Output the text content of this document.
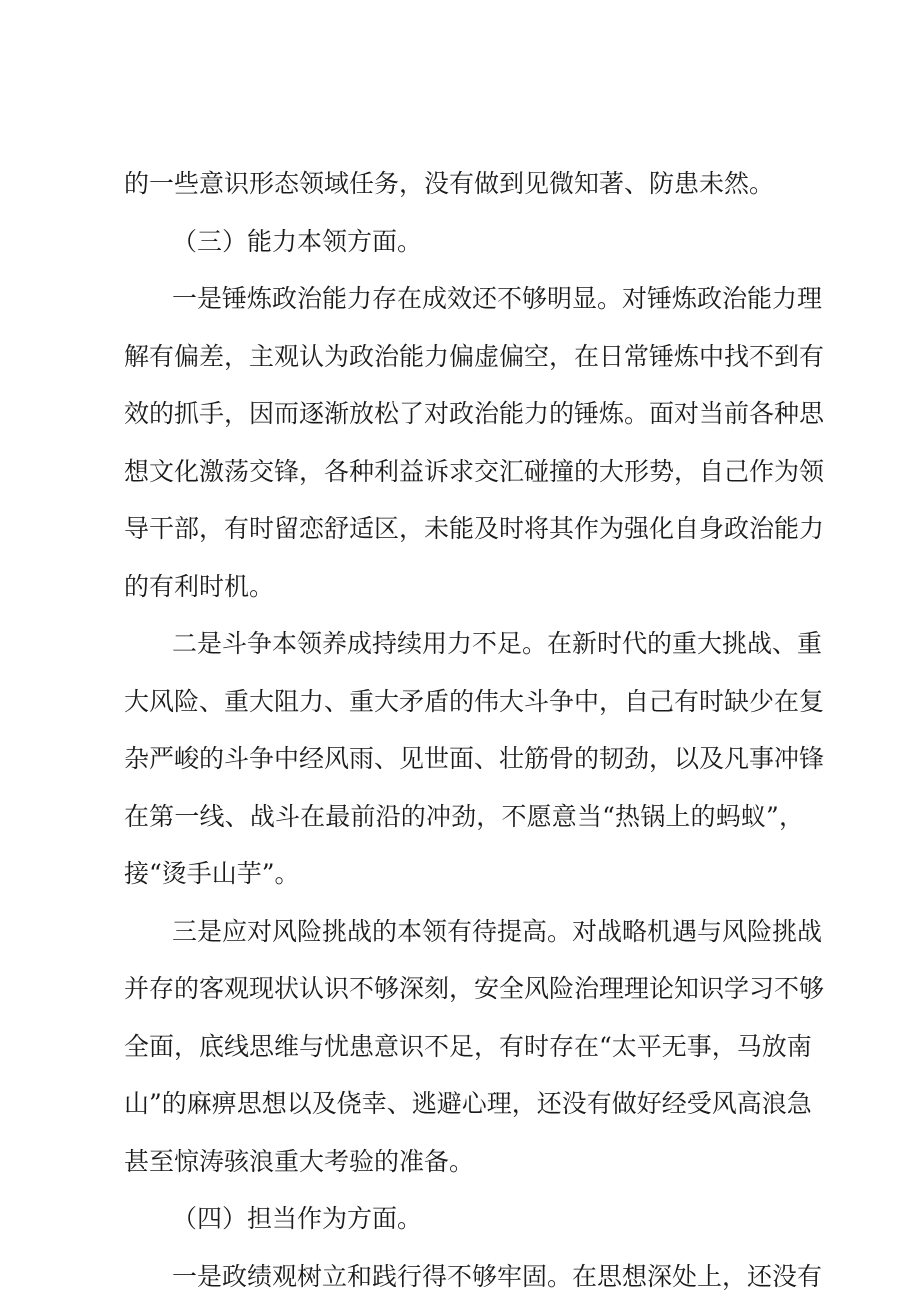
的一些意识形态领域任务，没有做到见微知著、防患未然。
（三）能力本领方面。
一是锤炼政治能力存在成效还不够明显。对锤炼政治能力理
解有偏差，主观认为政治能力偏虚偏空，在日常锤炼中找不到有
效的抓手，因而逐渐放松了对政治能力的锤炼。面对当前各种思
想文化激荡交锋，各种利益诉求交汇碰撞的大形势，自己作为领
导干部，有时留恋舒适区，未能及时将其作为强化自身政治能力
的有利时机。
二是斗争本领养成持续用力不足。在新时代的重大挑战、重
大风险、重大阻力、重大矛盾的伟大斗争中，自己有时缺少在复
杂严峻的斗争中经风雨、见世面、壮筋骨的韧劲，以及凡事冲锋
在第一线、战斗在最前沿的冲劲，不愿意当“热锅上的蚂蚁”，
接“烫手山芋”。
三是应对风险挑战的本领有待提高。对战略机遇与风险挑战
并存的客观现状认识不够深刻，安全风险治理理论知识学习不够
全面，底线思维与忧患意识不足，有时存在“太平无事，马放南
山”的麻痹思想以及侥幸、逃避心理，还没有做好经受风高浪急
甚至惊涛骇浪重大考验的准备。
（四）担当作为方面。
一是政绩观树立和践行得不够牢固。在思想深处上，还没有
